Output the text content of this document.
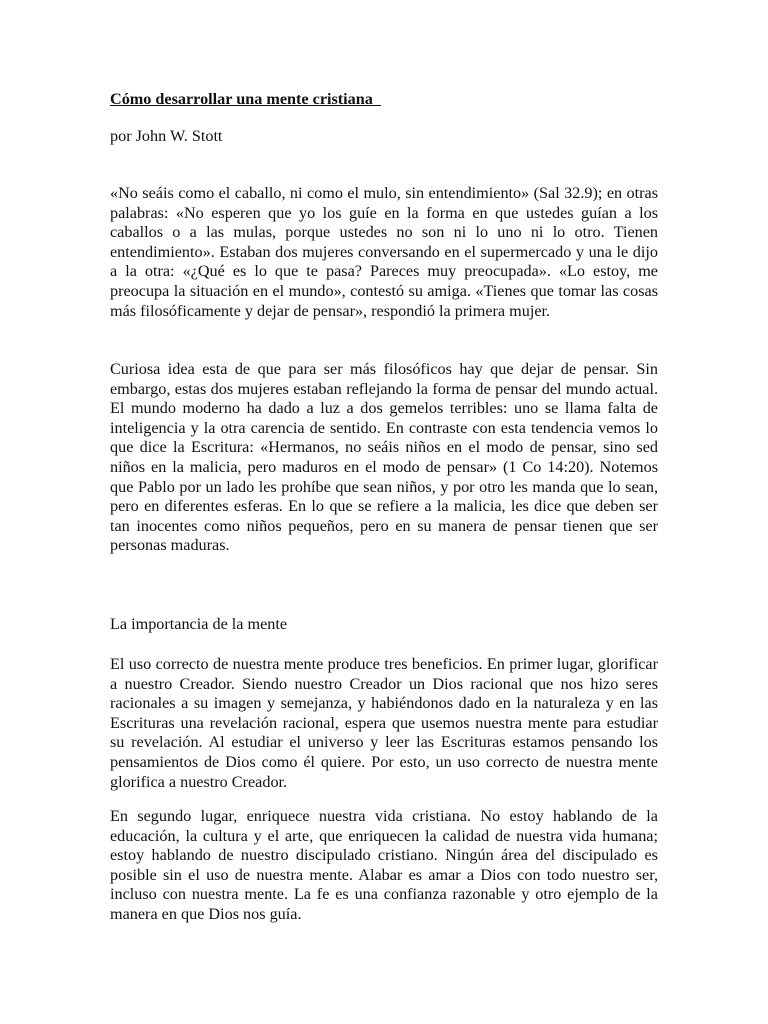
Cómo desarrollar una mente cristiana

por John W. Stott

«No seáis como el caballo, ni como el mulo, sin entendimiento» (Sal 32.9); en otras palabras: «No esperen que yo los guíe en la forma en que ustedes guían a los caballos o a las mulas, porque ustedes no son ni lo uno ni lo otro. Tienen entendimiento». Estaban dos mujeres conversando en el supermercado y una le dijo a la otra: «¿Qué es lo que te pasa? Pareces muy preocupada». «Lo estoy, me preocupa la situación en el mundo», contestó su amiga. «Tienes que tomar las cosas más filosóficamente y dejar de pensar», respondió la primera mujer.

Curiosa idea esta de que para ser más filosóficos hay que dejar de pensar. Sin embargo, estas dos mujeres estaban reflejando la forma de pensar del mundo actual. El mundo moderno ha dado a luz a dos gemelos terribles: uno se llama falta de inteligencia y la otra carencia de sentido. En contraste con esta tendencia vemos lo que dice la Escritura: «Hermanos, no seáis niños en el modo de pensar, sino sed niños en la malicia, pero maduros en el modo de pensar» (1 Co 14:20). Notemos que Pablo por un lado les prohíbe que sean niños, y por otro les manda que lo sean, pero en diferentes esferas. En lo que se refiere a la malicia, les dice que deben ser tan inocentes como niños pequeños, pero en su manera de pensar tienen que ser personas maduras.

La importancia de la mente

El uso correcto de nuestra mente produce tres beneficios. En primer lugar, glorificar a nuestro Creador. Siendo nuestro Creador un Dios racional que nos hizo seres racionales a su imagen y semejanza, y habiéndonos dado en la naturaleza y en las Escrituras una revelación racional, espera que usemos nuestra mente para estudiar su revelación. Al estudiar el universo y leer las Escrituras estamos pensando los pensamientos de Dios como él quiere. Por esto, un uso correcto de nuestra mente glorifica a nuestro Creador.

En segundo lugar, enriquece nuestra vida cristiana. No estoy hablando de la educación, la cultura y el arte, que enriquecen la calidad de nuestra vida humana; estoy hablando de nuestro discipulado cristiano. Ningún área del discipulado es posible sin el uso de nuestra mente. Alabar es amar a Dios con todo nuestro ser, incluso con nuestra mente. La fe es una confianza razonable y otro ejemplo de la manera en que Dios nos guía.
